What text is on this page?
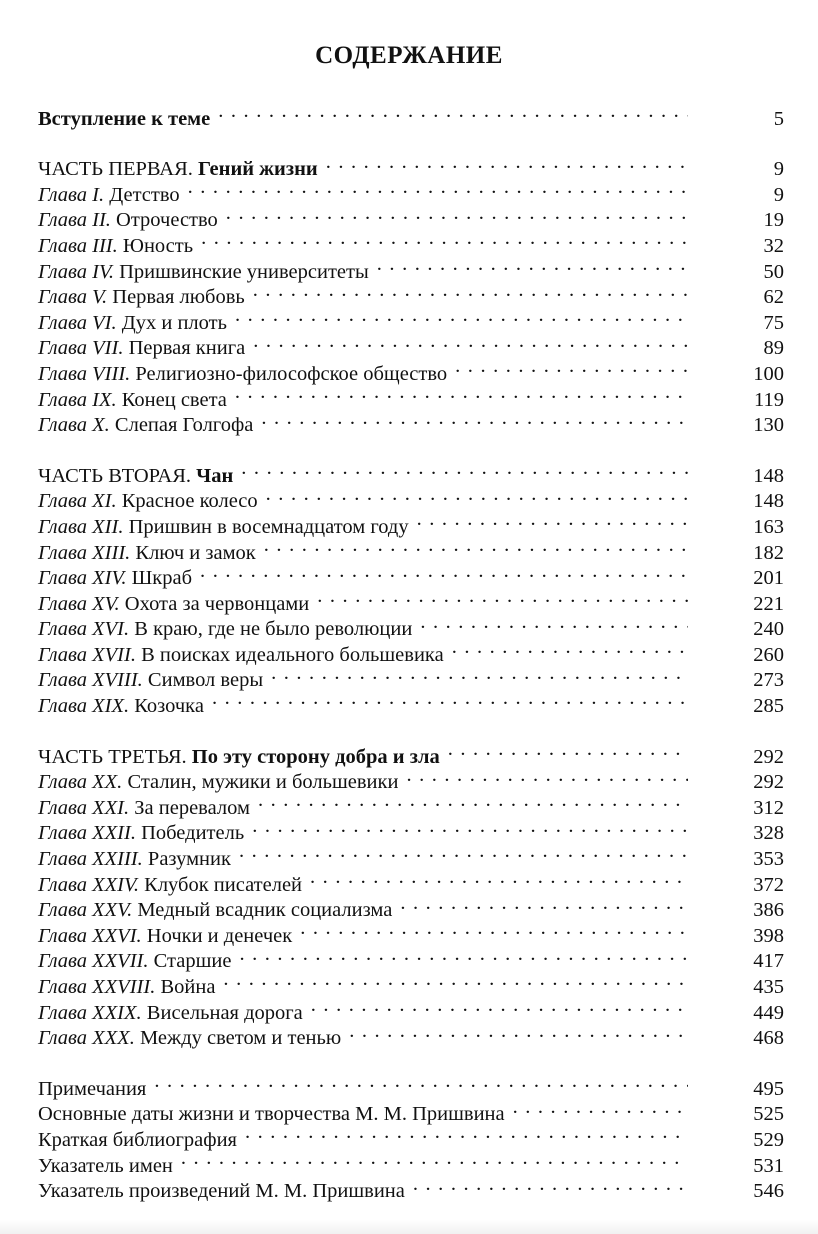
СОДЕРЖАНИЕ
Вступление к теме . . .	5
ЧАСТЬ ПЕРВАЯ. Гений жизни . . .	9
Глава I. Детство . . .	9
Глава II. Отрочество . . .	19
Глава III. Юность . . .	32
Глава IV. Пришвинские университеты . . .	50
Глава V. Первая любовь . . .	62
Глава VI. Дух и плоть . . .	75
Глава VII. Первая книга . . .	89
Глава VIII. Религиозно-философское общество . . .	100
Глава IX. Конец света . . .	119
Глава X. Слепая Голгофа . . .	130
ЧАСТЬ ВТОРАЯ. Чан . . .	148
Глава XI. Красное колесо . . .	148
Глава XII. Пришвин в восемнадцатом году . . .	163
Глава XIII. Ключ и замок . . .	182
Глава XIV. Шкраб . . .	201
Глава XV. Охота за червонцами . . .	221
Глава XVI. В краю, где не было революции . . .	240
Глава XVII. В поисках идеального большевика . . .	260
Глава XVIII. Символ веры . . .	273
Глава XIX. Козочка . . .	285
ЧАСТЬ ТРЕТЬЯ. По эту сторону добра и зла . . .	292
Глава XX. Сталин, мужики и большевики . . .	292
Глава XXI. За перевалом . . .	312
Глава XXII. Победитель . . .	328
Глава XXIII. Разумник . . .	353
Глава XXIV. Клубок писателей . . .	372
Глава XXV. Медный всадник социализма . . .	386
Глава XXVI. Ночки и денечек . . .	398
Глава XXVII. Старшие . . .	417
Глава XXVIII. Война . . .	435
Глава XXIX. Висельная дорога . . .	449
Глава XXX. Между светом и тенью . . .	468
Примечания . . .	495
Основные даты жизни и творчества М. М. Пришвина . . .	525
Краткая библиография . . .	529
Указатель имен . . .	531
Указатель произведений М. М. Пришвина . . .	546
